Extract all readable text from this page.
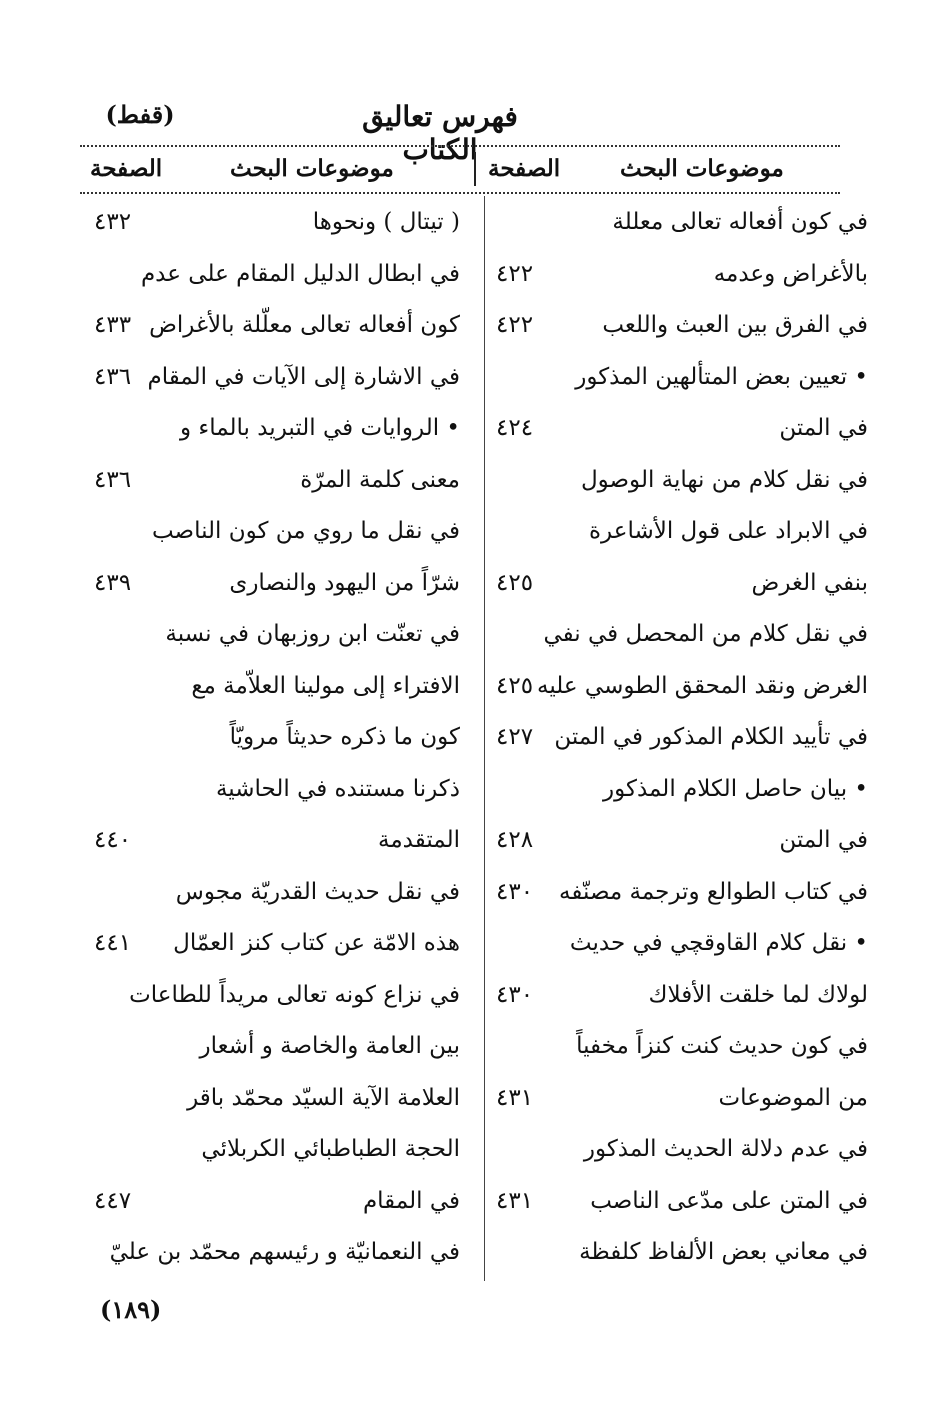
فهرس تعاليق الكتاب
(قفط)
موضوعات البحث
الصفحة
موضوعات البحث
الصفحة
في كون أفعاله تعالى معللة
بالأغراض وعدمه
٤٢٢
في الفرق بين العبث واللعب
٤٢٢
• تعيين بعض المتألهين المذكور
في المتن
٤٢٤
في نقل كلام من نهاية الوصول
في الابراد على قول الأشاعرة
بنفي الغرض
٤٢٥
في نقل كلام من المحصل في نفي
الغرض ونقد المحقق الطوسي عليه
٤٢٥
في تأييد الكلام المذكور في المتن
٤٢٧
• بيان حاصل الكلام المذكور
في المتن
٤٢٨
في كتاب الطوالع وترجمة مصنّفه
٤٣٠
• نقل كلام القاوقچي في حديث
لولاك لما خلقت الأفلاك
٤٣٠
في كون حديث كنت كنزاً مخفياً
من الموضوعات
٤٣١
في عدم دلالة الحديث المذكور
في المتن على مدّعى الناصب
٤٣١
في معاني بعض الألفاظ كلفظة
( تيتال ) ونحوها
٤٣٢
في ابطال الدليل المقام على عدم
كون أفعاله تعالى معلّلة بالأغراض
٤٣٣
في الاشارة إلى الآيات في المقام
٤٣٦
• الروايات في التبريد بالماء و
معنى كلمة المرّة
٤٣٦
في نقل ما روي من كون الناصب
شرّاً من اليهود والنصارى
٤٣٩
في تعنّت ابن روزبهان في نسبة
الافتراء إلى مولينا العلاّمة مع
كون ما ذكره حديثاً مرويّاً
ذكرنا مستنده في الحاشية
المتقدمة
٤٤٠
في نقل حديث القدريّة مجوس
هذه الامّة عن كتاب كنز العمّال
٤٤١
في نزاع كونه تعالى مريداً للطاعات
بين العامة والخاصة و أشعار
العلامة الآية السيّد محمّد باقر
الحجة الطباطبائي الكربلائي
في المقام
٤٤٧
في النعمانيّة و رئيسهم محمّد بن عليّ
(١٨٩)
